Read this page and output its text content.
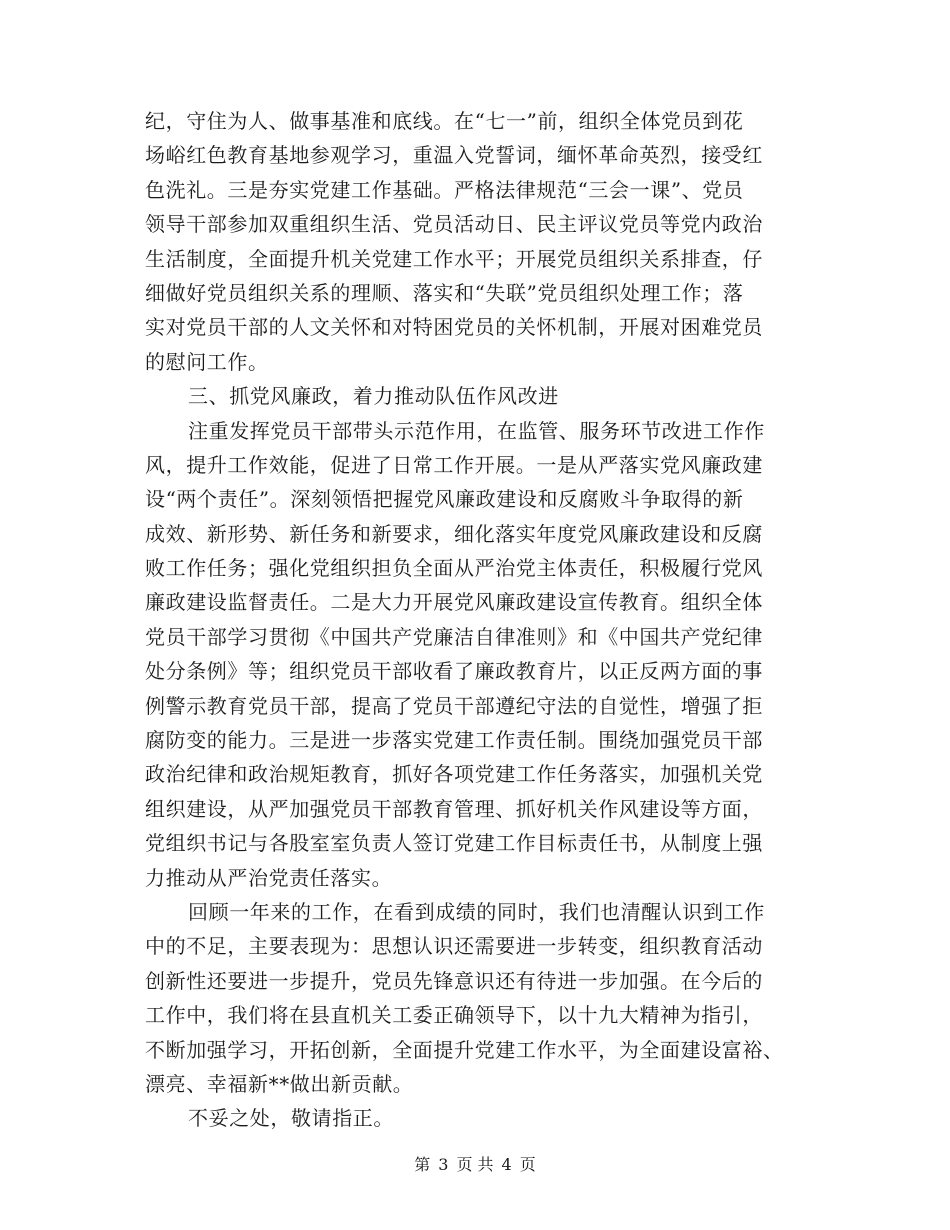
纪，守住为人、做事基准和底线。在“七一”前，组织全体党员到花
场峪红色教育基地参观学习，重温入党誓词，缅怀革命英烈，接受红
色洗礼。三是夯实党建工作基础。严格法律规范“三会一课”、党员
领导干部参加双重组织生活、党员活动日、民主评议党员等党内政治
生活制度，全面提升机关党建工作水平；开展党员组织关系排查，仔
细做好党员组织关系的理顺、落实和“失联”党员组织处理工作；落
实对党员干部的人文关怀和对特困党员的关怀机制，开展对困难党员
的慰问工作。
三、抓党风廉政，着力推动队伍作风改进
注重发挥党员干部带头示范作用，在监管、服务环节改进工作作
风，提升工作效能，促进了日常工作开展。一是从严落实党风廉政建
设“两个责任”。深刻领悟把握党风廉政建设和反腐败斗争取得的新
成效、新形势、新任务和新要求，细化落实年度党风廉政建设和反腐
败工作任务；强化党组织担负全面从严治党主体责任，积极履行党风
廉政建设监督责任。二是大力开展党风廉政建设宣传教育。组织全体
党员干部学习贯彻《中国共产党廉洁自律准则》和《中国共产党纪律
处分条例》等；组织党员干部收看了廉政教育片，以正反两方面的事
例警示教育党员干部，提高了党员干部遵纪守法的自觉性，增强了拒
腐防变的能力。三是进一步落实党建工作责任制。围绕加强党员干部
政治纪律和政治规矩教育，抓好各项党建工作任务落实，加强机关党
组织建设，从严加强党员干部教育管理、抓好机关作风建设等方面，
党组织书记与各股室室负责人签订党建工作目标责任书，从制度上强
力推动从严治党责任落实。
回顾一年来的工作，在看到成绩的同时，我们也清醒认识到工作
中的不足，主要表现为：思想认识还需要进一步转变，组织教育活动
创新性还要进一步提升，党员先锋意识还有待进一步加强。在今后的
工作中，我们将在县直机关工委正确领导下，以十九大精神为指引，
不断加强学习，开拓创新，全面提升党建工作水平，为全面建设富裕、
漂亮、幸福新**做出新贡献。
不妥之处，敬请指正。
第 3 页 共 4 页
